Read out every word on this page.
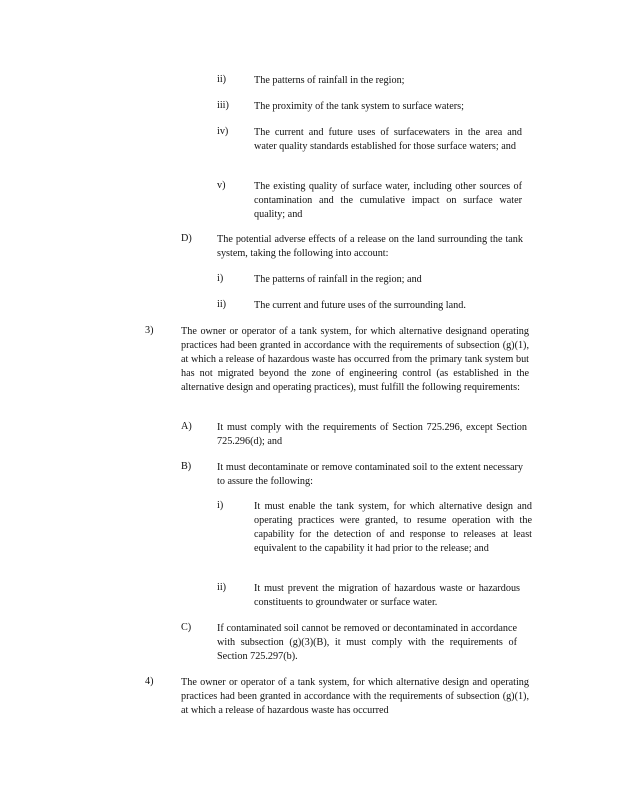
ii)	The patterns of rainfall in the region;
iii) The proximity of the tank system to surface waters;
iv)	The current and future uses of surfacewaters in the area and water quality standards established for those surface waters; and
v)	The existing quality of surface water, including other sources of contamination and the cumulative impact on surface water quality; and
D) The potential adverse effects of a release on the land surrounding the tank system, taking the following into account:
i)	The patterns of rainfall in the region; and
ii)	The current and future uses of the surrounding land.
3)	The owner or operator of a tank system, for which alternative designand operating practices had been granted in accordance with the requirements of subsection (g)(1), at which a release of hazardous waste has occurred from the primary tank system but has not migrated beyond the zone of engineering control (as established in the alternative design and operating practices), must fulfill the following requirements:
A) It must comply with the requirements of Section 725.296, except Section 725.296(d); and
B)	It must decontaminate or remove contaminated soil to the extent necessary to assure the following:
i)	It must enable the tank system, for which alternative design and operating practices were granted, to resume operation with the capability for the detection of and response to releases at least equivalent to the capability it had prior to the release; and
ii)	It must prevent the migration of hazardous waste or hazardous constituents to groundwater or surface water.
C)	If contaminated soil cannot be removed or decontaminated in accordance with subsection (g)(3)(B), it must comply with the requirements of Section 725.297(b).
4)	The owner or operator of a tank system, for which alternative design and operating practices had been granted in accordance with the requirements of subsection (g)(1), at which a release of hazardous waste has occurred
